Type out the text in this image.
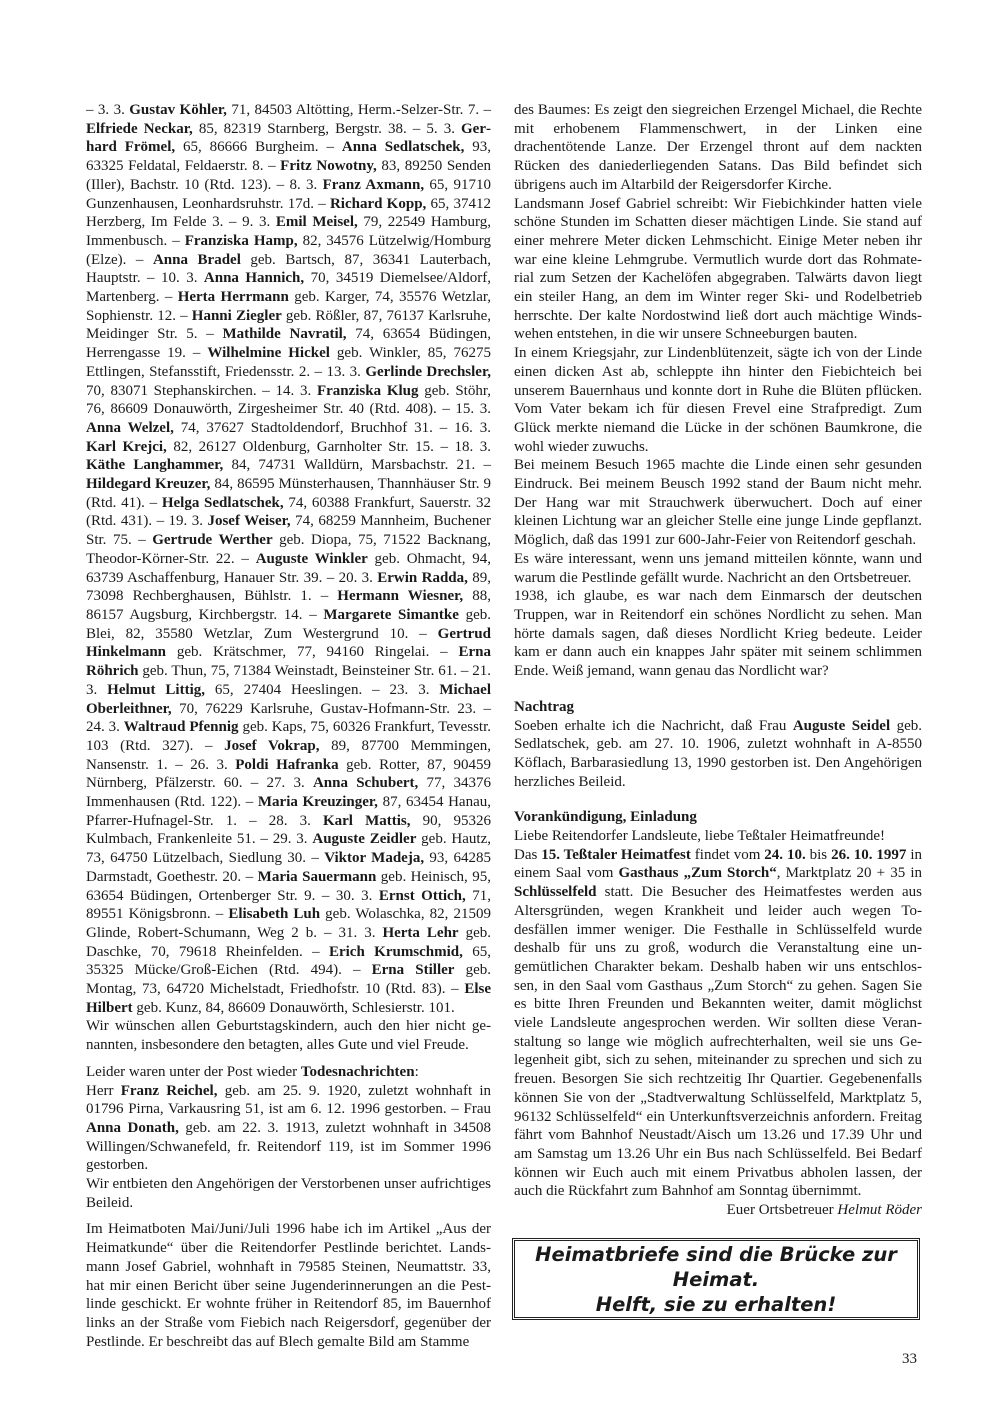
– 3. 3. Gustav Köhler, 71, 84503 Altötting, Herm.-Selzer-Str. 7. – Elfriede Neckar, 85, 82319 Starnberg, Bergstr. 38. – 5. 3. Gerhard Frömel, 65, 86666 Burgheim. – Anna Sedlatschek, 93, 63325 Feldatal, Feldaerstr. 8. – Fritz Nowotny, 83, 89250 Senden (Iller), Bachstr. 10 (Rtd. 123). – 8. 3. Franz Axmann, 65, 91710 Gunzenhausen, Leonhardsruhstr. 17d. – Richard Kopp, 65, 37412 Herzberg, Im Felde 3. – 9. 3. Emil Meisel, 79, 22549 Hamburg, Immenbusch. – Franziska Hamp, 82, 34576 Lützelwig/Homburg (Elze). – Anna Bradel geb. Bartsch, 87, 36341 Lauterbach, Hauptstr. – 10. 3. Anna Hannich, 70, 34519 Diemelsee/Aldorf, Martenberg. – Herta Herrmann geb. Karger, 74, 35576 Wetzlar, Sophienstr. 12. – Hanni Ziegler geb. Rößler, 87, 76137 Karlsruhe, Meidinger Str. 5. – Mathilde Navratil, 74, 63654 Büdingen, Herrengasse 19. – Wilhelmine Hickel geb. Winkler, 85, 76275 Ettlingen, Stefansstift, Friedensstr. 2. – 13. 3. Gerlinde Drechsler, 70, 83071 Stephanskirchen. – 14. 3. Franziska Klug geb. Stöhr, 76, 86609 Donauwörth, Zirgesheimer Str. 40 (Rtd. 408). – 15. 3. Anna Welzel, 74, 37627 Stadtoldendorf, Bruchhof 31. – 16. 3. Karl Krejci, 82, 26127 Oldenburg, Garnholter Str. 15. – 18. 3. Käthe Langhammer, 84, 74731 Walldürn, Marsbachstr. 21. – Hildegard Kreuzer, 84, 86595 Münsterhausen, Thannhäuser Str. 9 (Rtd. 41). – Helga Sedlatschek, 74, 60388 Frankfurt, Sauerstr. 32 (Rtd. 431). – 19. 3. Josef Weiser, 74, 68259 Mannheim, Buchener Str. 75. – Gertrude Werther geb. Diopa, 75, 71522 Backnang, Theodor-Körner-Str. 22. – Auguste Winkler geb. Ohmacht, 94, 63739 Aschaffenburg, Hanauer Str. 39. – 20. 3. Erwin Radda, 89, 73098 Rechberghausen, Bühlstr. 1. – Hermann Wiesner, 88, 86157 Augsburg, Kirchbergstr. 14. – Margarete Simantke geb. Blei, 82, 35580 Wetzlar, Zum Westergrund 10. – Gertrud Hinkelmann geb. Krätschmer, 77, 94160 Ringelai. – Erna Röhrich geb. Thun, 75, 71384 Weinstadt, Beinsteiner Str. 61. – 21. 3. Helmut Littig, 65, 27404 Heeslingen. – 23. 3. Michael Oberleithner, 70, 76229 Karlsruhe, Gustav-Hofmann-Str. 23. – 24. 3. Waltraud Pfennig geb. Kaps, 75, 60326 Frankfurt, Tevesstr. 103 (Rtd. 327). – Josef Vokrap, 89, 87700 Memmingen, Nansenstr. 1. – 26. 3. Poldi Hafranka geb. Rotter, 87, 90459 Nürnberg, Pfälzerstr. 60. – 27. 3. Anna Schubert, 77, 34376 Immenhausen (Rtd. 122). – Maria Kreuzinger, 87, 63454 Hanau, Pfarrer-Hufnagel-Str. 1. – 28. 3. Karl Mattis, 90, 95326 Kulmbach, Frankenleite 51. – 29. 3. Auguste Zeidler geb. Hautz, 73, 64750 Lützelbach, Siedlung 30. – Viktor Madeja, 93, 64285 Darmstadt, Goethestr. 20. – Maria Sauermann geb. Heinisch, 95, 63654 Büdingen, Ortenberger Str. 9. – 30. 3. Ernst Ottich, 71, 89551 Königsbronn. – Elisabeth Luh geb. Wolaschka, 82, 21509 Glinde, Robert-Schumann, Weg 2 b. – 31. 3. Herta Lehr geb. Daschke, 70, 79618 Rheinfelden. – Erich Krumschmid, 65, 35325 Mücke/Groß-Eichen (Rtd. 494). – Erna Stiller geb. Montag, 73, 64720 Michelstadt, Friedhofstr. 10 (Rtd. 83). – Else Hilbert geb. Kunz, 84, 86609 Donauwörth, Schlesierstr. 101.

Wir wünschen allen Geburtstagskindern, auch den hier nicht genannten, insbesondere den betagten, alles Gute und viel Freude.

Leider waren unter der Post wieder Todesnachrichten:

Herr Franz Reichel, geb. am 25. 9. 1920, zuletzt wohnhaft in 01796 Pirna, Varkausring 51, ist am 6. 12. 1996 gestorben. – Frau Anna Donath, geb. am 22. 3. 1913, zuletzt wohnhaft in 34508 Willingen/Schwanefeld, fr. Reitendorf 119, ist im Sommer 1996 gestorben.

Wir entbieten den Angehörigen der Verstorbenen unser aufrichtiges Beileid.

Im Heimatboten Mai/Juni/Juli 1996 habe ich im Artikel „Aus der Heimatkunde“ über die Reitendorfer Pestlinde berichtet. Landsmann Josef Gabriel, wohnhaft in 79585 Steinen, Neumattstr. 33, hat mir einen Bericht über seine Jugenderinnerungen an die Pestlinde geschickt. Er wohnte früher in Reitendorf 85, im Bauernhof links an der Straße vom Fiebich nach Reigersdorf, gegenüber der Pestlinde. Er beschreibt das auf Blech gemalte Bild am Stamme

des Baumes: Es zeigt den siegreichen Erzengel Michael, die Rechte mit erhobenem Flammenschwert, in der Linken eine drachentötende Lanze. Der Erzengel thront auf dem nackten Rücken des daniederliegenden Satans. Das Bild befindet sich übrigens auch im Altarbild der Reigersdorfer Kirche.

Landsmann Josef Gabriel schreibt: Wir Fiebichkinder hatten viele schöne Stunden im Schatten dieser mächtigen Linde. Sie stand auf einer mehrere Meter dicken Lehmschicht. Einige Meter neben ihr war eine kleine Lehmgrube. Vermutlich wurde dort das Rohmaterial zum Setzen der Kachelöfen abgegraben. Talwärts davon liegt ein steiler Hang, an dem im Winter reger Ski- und Rodelbetrieb herrschte. Der kalte Nordostwind ließ dort auch mächtige Windswehen entstehen, in die wir unsere Schneeburgen bauten.

In einem Kriegsjahr, zur Lindenblütenzeit, sägte ich von der Linde einen dicken Ast ab, schleppte ihn hinter den Fiebichteich bei unserem Bauernhaus und konnte dort in Ruhe die Blüten pflücken. Vom Vater bekam ich für diesen Frevel eine Strafpredigt. Zum Glück merkte niemand die Lücke in der schönen Baumkrone, die wohl wieder zuwuchs.

Bei meinem Besuch 1965 machte die Linde einen sehr gesunden Eindruck. Bei meinem Beusch 1992 stand der Baum nicht mehr. Der Hang war mit Strauchwerk überwuchert. Doch auf einer kleinen Lichtung war an gleicher Stelle eine junge Linde gepflanzt. Möglich, daß das 1991 zur 600-Jahr-Feier von Reitendorf geschah.

Es wäre interessant, wenn uns jemand mitteilen könnte, wann und warum die Pestlinde gefällt wurde. Nachricht an den Ortsbetreuer.

1938, ich glaube, es war nach dem Einmarsch der deutschen Truppen, war in Reitendorf ein schönes Nordlicht zu sehen. Man hörte damals sagen, daß dieses Nordlicht Krieg bedeute. Leider kam er dann auch ein knappes Jahr später mit seinem schlimmen Ende. Weiß jemand, wann genau das Nordlicht war?

Nachtrag

Soeben erhalte ich die Nachricht, daß Frau Auguste Seidel geb. Sedlatschek, geb. am 27. 10. 1906, zuletzt wohnhaft in A-8550 Köflach, Barbarasiedlung 13, 1990 gestorben ist. Den Angehörigen herzliches Beileid.

Vorankündigung, Einladung

Liebe Reitendorfer Landsleute, liebe Teßtaler Heimatfreunde!

Das 15. Teßtaler Heimatfest findet vom 24. 10. bis 26. 10. 1997 in einem Saal vom Gasthaus „Zum Storch“, Marktplatz 20 + 35 in Schlüsselfeld statt. Die Besucher des Heimatfestes werden aus Altersgründen, wegen Krankheit und leider auch wegen Todesfällen immer weniger. Die Festhalle in Schlüsselfeld wurde deshalb für uns zu groß, wodurch die Veranstaltung eine ungemütlichen Charakter bekam. Deshalb haben wir uns entschlossen, in den Saal vom Gasthaus „Zum Storch“ zu gehen. Sagen Sie es bitte Ihren Freunden und Bekannten weiter, damit möglichst viele Landsleute angesprochen werden. Wir sollten diese Veranstaltung so lange wie möglich aufrechterhalten, weil sie uns Gelegenheit gibt, sich zu sehen, miteinander zu sprechen und sich zu freuen. Besorgen Sie sich rechtzeitig Ihr Quartier. Gegebenenfalls können Sie von der „Stadtverwaltung Schlüsselfeld, Marktplatz 5, 96132 Schlüsselfeld“ ein Unterkunftsverzeichnis anfordern. Freitag fährt vom Bahnhof Neustadt/Aisch um 13.26 und 17.39 Uhr und am Samstag um 13.26 Uhr ein Bus nach Schlüsselfeld. Bei Bedarf können wir Euch auch mit einem Privatbus abholen lassen, der auch die Rückfahrt zum Bahnhof am Sonntag übernimmt.

Euer Ortsbetreuer Helmut Röder

Heimatbriefe sind die Brücke zur Heimat.
Helft, sie zu erhalten!
33
